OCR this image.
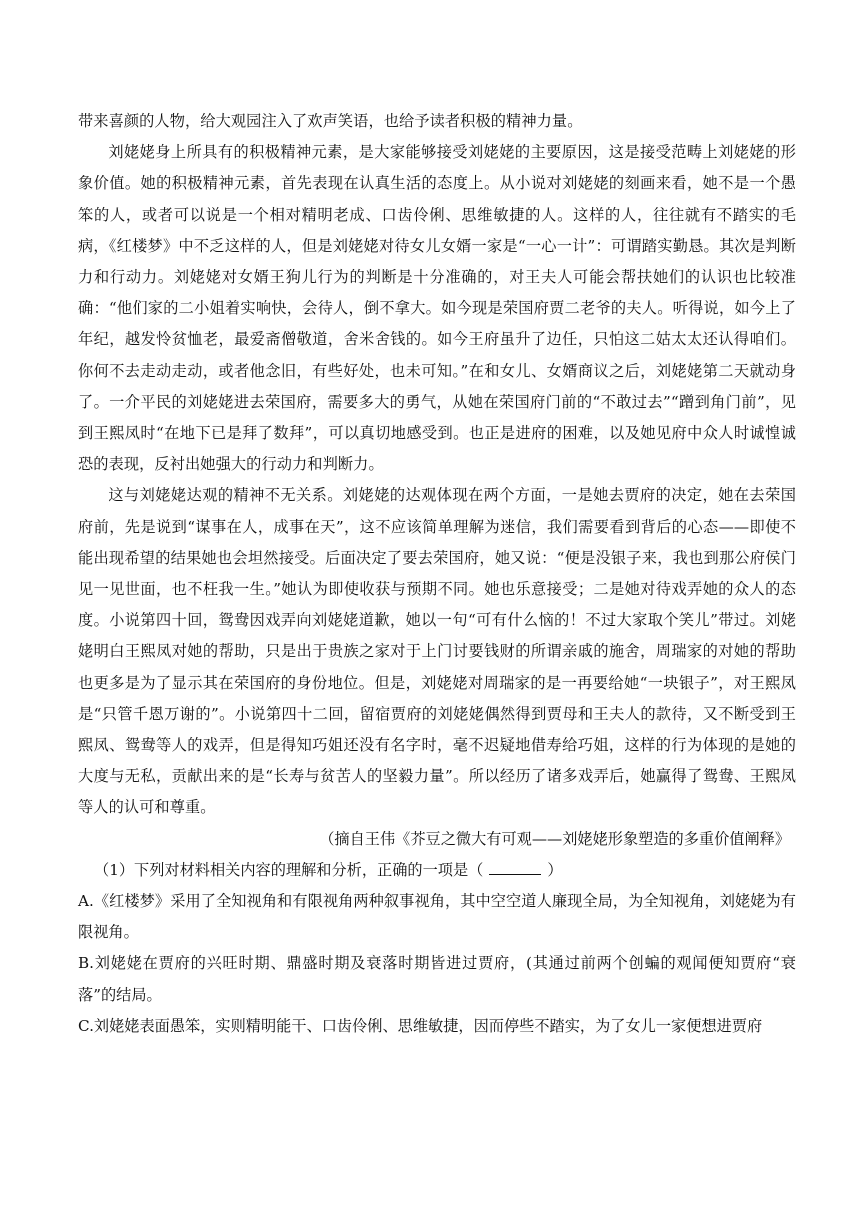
带来喜颜的人物，给大观园注入了欢声笑语，也给予读者积极的精神力量。

刘姥姥身上所具有的积极精神元素，是大家能够接受刘姥姥的主要原因，这是接受范畴上刘姥姥的形象价值。她的积极精神元素，首先表现在认真生活的态度上。从小说对刘姥姥的刻画来看，她不是一个愚笨的人，或者可以说是一个相对精明老成、口齿伶俐、思维敏捷的人。这样的人，往往就有不踏实的毛病，《红楼梦》中不乏这样的人，但是刘姥姥对待女儿女婿一家是“一心一计”：可谓踏实勤恳。其次是判断力和行动力。刘姥姥对女婿王狗儿行为的判断是十分准确的，对王夫人可能会帮扶她们的认识也比较准确：“他们家的二小姐着实响快，会待人，倒不拿大。如今现是荣国府贾二老爷的夫人。听得说，如今上了年纪，越发怜贫恤老，最爱斋僧敬道，舍米舍钱的。如今王府虽升了边任，只怕这二姑太太还认得咱们。你何不去走动走动，或者他念旧，有些好处，也未可知。”在和女儿、女婿商议之后，刘姥姥第二天就动身了。一介平民的刘姥姥进去荣国府，需要多大的勇气，从她在荣国府门前的“不敢过去”“蹭到角门前”，见到王熙凤时“在地下已是拜了数拜”，可以真切地感受到。也正是进府的困难，以及她见府中众人时诚惶诚恐的表现，反衬出她强大的行动力和判断力。

这与刘姥姥达观的精神不无关系。刘姥姥的达观体现在两个方面，一是她去贾府的决定，她在去荣国府前，先是说到“谋事在人，成事在天”，这不应该简单理解为迷信，我们需要看到背后的心态——即使不能出现希望的结果她也会坦然接受。后面决定了要去荣国府，她又说：“便是没银子来，我也到那公府侯门见一见世面，也不枉我一生。”她认为即使收获与预期不同。她也乐意接受；二是她对待戏弄她的众人的态度。小说第四十回，鸳鸯因戏弄向刘姥姥道歉，她以一句“可有什么恼的！不过大家取个笑儿”带过。刘姥姥明白王熙凤对她的帮助，只是出于贵族之家对于上门讨要钱财的所谓亲戚的施舍，周瑞家的对她的帮助也更多是为了显示其在荣国府的身份地位。但是，刘姥姥对周瑞家的是一再要给她“一块银子”，对王熙凤是“只管千恩万谢的”。小说第四十二回，留宿贾府的刘姥姥偶然得到贾母和王夫人的款待，又不断受到王熙凤、鸳鸯等人的戏弄，但是得知巧姐还没有名字时，毫不迟疑地借寿给巧姐，这样的行为体现的是她的大度与无私，贡献出来的是“长寿与贫苦人的坚毅力量”。所以经历了诸多戏弄后，她赢得了鸳鸯、王熙凤等人的认可和尊重。

（摘自王伟《芥豆之微大有可观——刘姥姥形象塑造的多重价值阐释》

（1）下列对材料相关内容的理解和分析，正确的一项是（	）

A.《红楼梦》采用了全知视角和有限视角两种叙事视角，其中空空道人廉现全局，为全知视角，刘姥姥为有限视角。

B.刘姥姥在贾府的兴旺时期、鼎盛时期及衰落时期皆进过贾府，(其通过前两个创蝙的观闻便知贾府“衰落”的结局。

C.刘姥姥表面愚笨，实则精明能干、口齿伶俐、思维敏捷，因而停些不踏实，为了女儿一家便想进贾府
